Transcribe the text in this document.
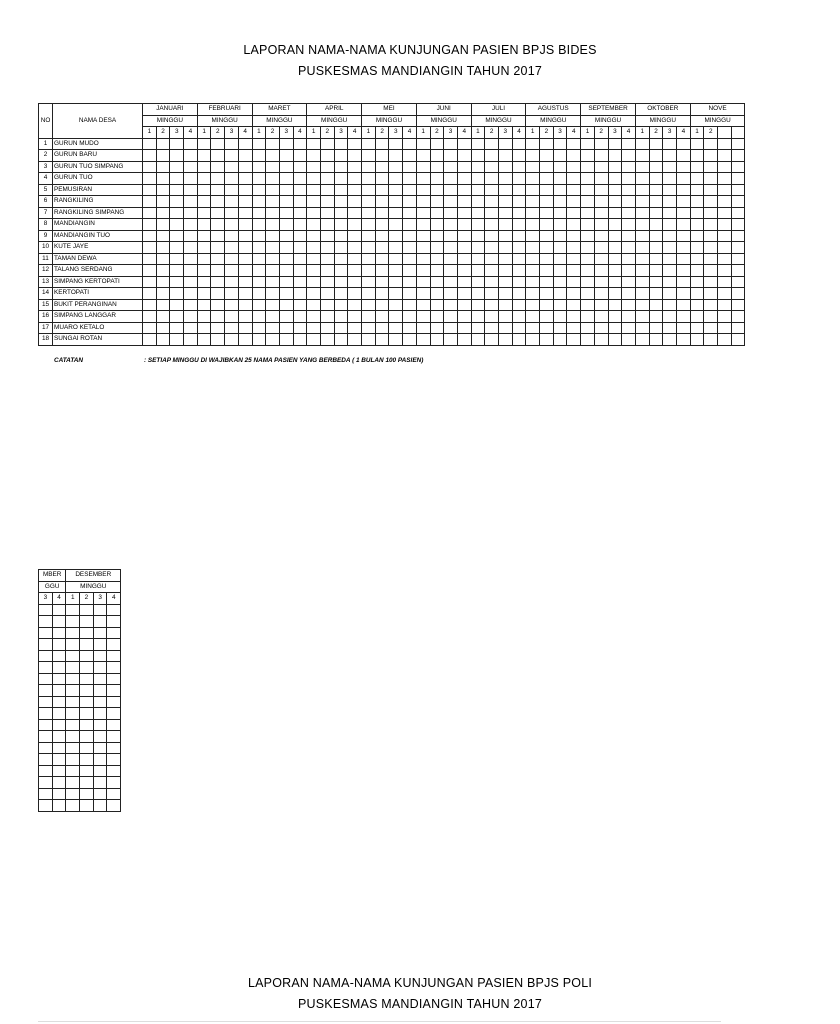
LAPORAN NAMA-NAMA KUNJUNGAN PASIEN BPJS BIDES
PUSKESMAS MANDIANGIN TAHUN 2017
NO	NAMA DESA	JANUARI				FEBRUARI				MARET				APRIL				MEI				JUNI				JULI				AGUSTUS				SEPTEMBER				OKTOBER				NOVE			
		MINGGU				MINGGU				MINGGU				MINGGU				MINGGU				MINGGU				MINGGU				MINGGU				MINGGU				MINGGU				MINGGU			
		1	2	3	4	1	2	3	4	1	2	3	4	1	2	3	4	1	2	3	4	1	2	3	4	1	2	3	4	1	2	3	4	1	2	3	4	1	2	3	4	1	2		
1	GURUN MUDO																																												
2	GURUN BARU																																												
3	GURUN TUO SIMPANG																																												
4	GURUN TUO																																												
5	PEMUSIRAN																																												
6	RANGKILING																																												
7	RANGKILING SIMPANG																																												
8	MANDIANGIN																																												
9	MANDIANGIN TUO																																												
10	KUTE JAYE																																												
11	TAMAN DEWA																																												
12	TALANG SERDANG																																												
13	SIMPANG KERTOPATI																																												
14	KERTOPATI																																												
15	BUKIT PERANGINAN																																												
16	SIMPANG LANGGAR																																												
17	MUARO KETALO																																												
18	SUNGAI ROTAN																																												
CATATAN	: SETIAP MINGGU DI WAJIBKAN 25 NAMA PASIEN YANG BERBEDA ( 1 BULAN 100 PASIEN)
MBER		DESEMBER			
GGU		MINGGU			
3	4	1	2	3	4

LAPORAN NAMA-NAMA KUNJUNGAN PASIEN BPJS POLI
PUSKESMAS MANDIANGIN TAHUN 2017
